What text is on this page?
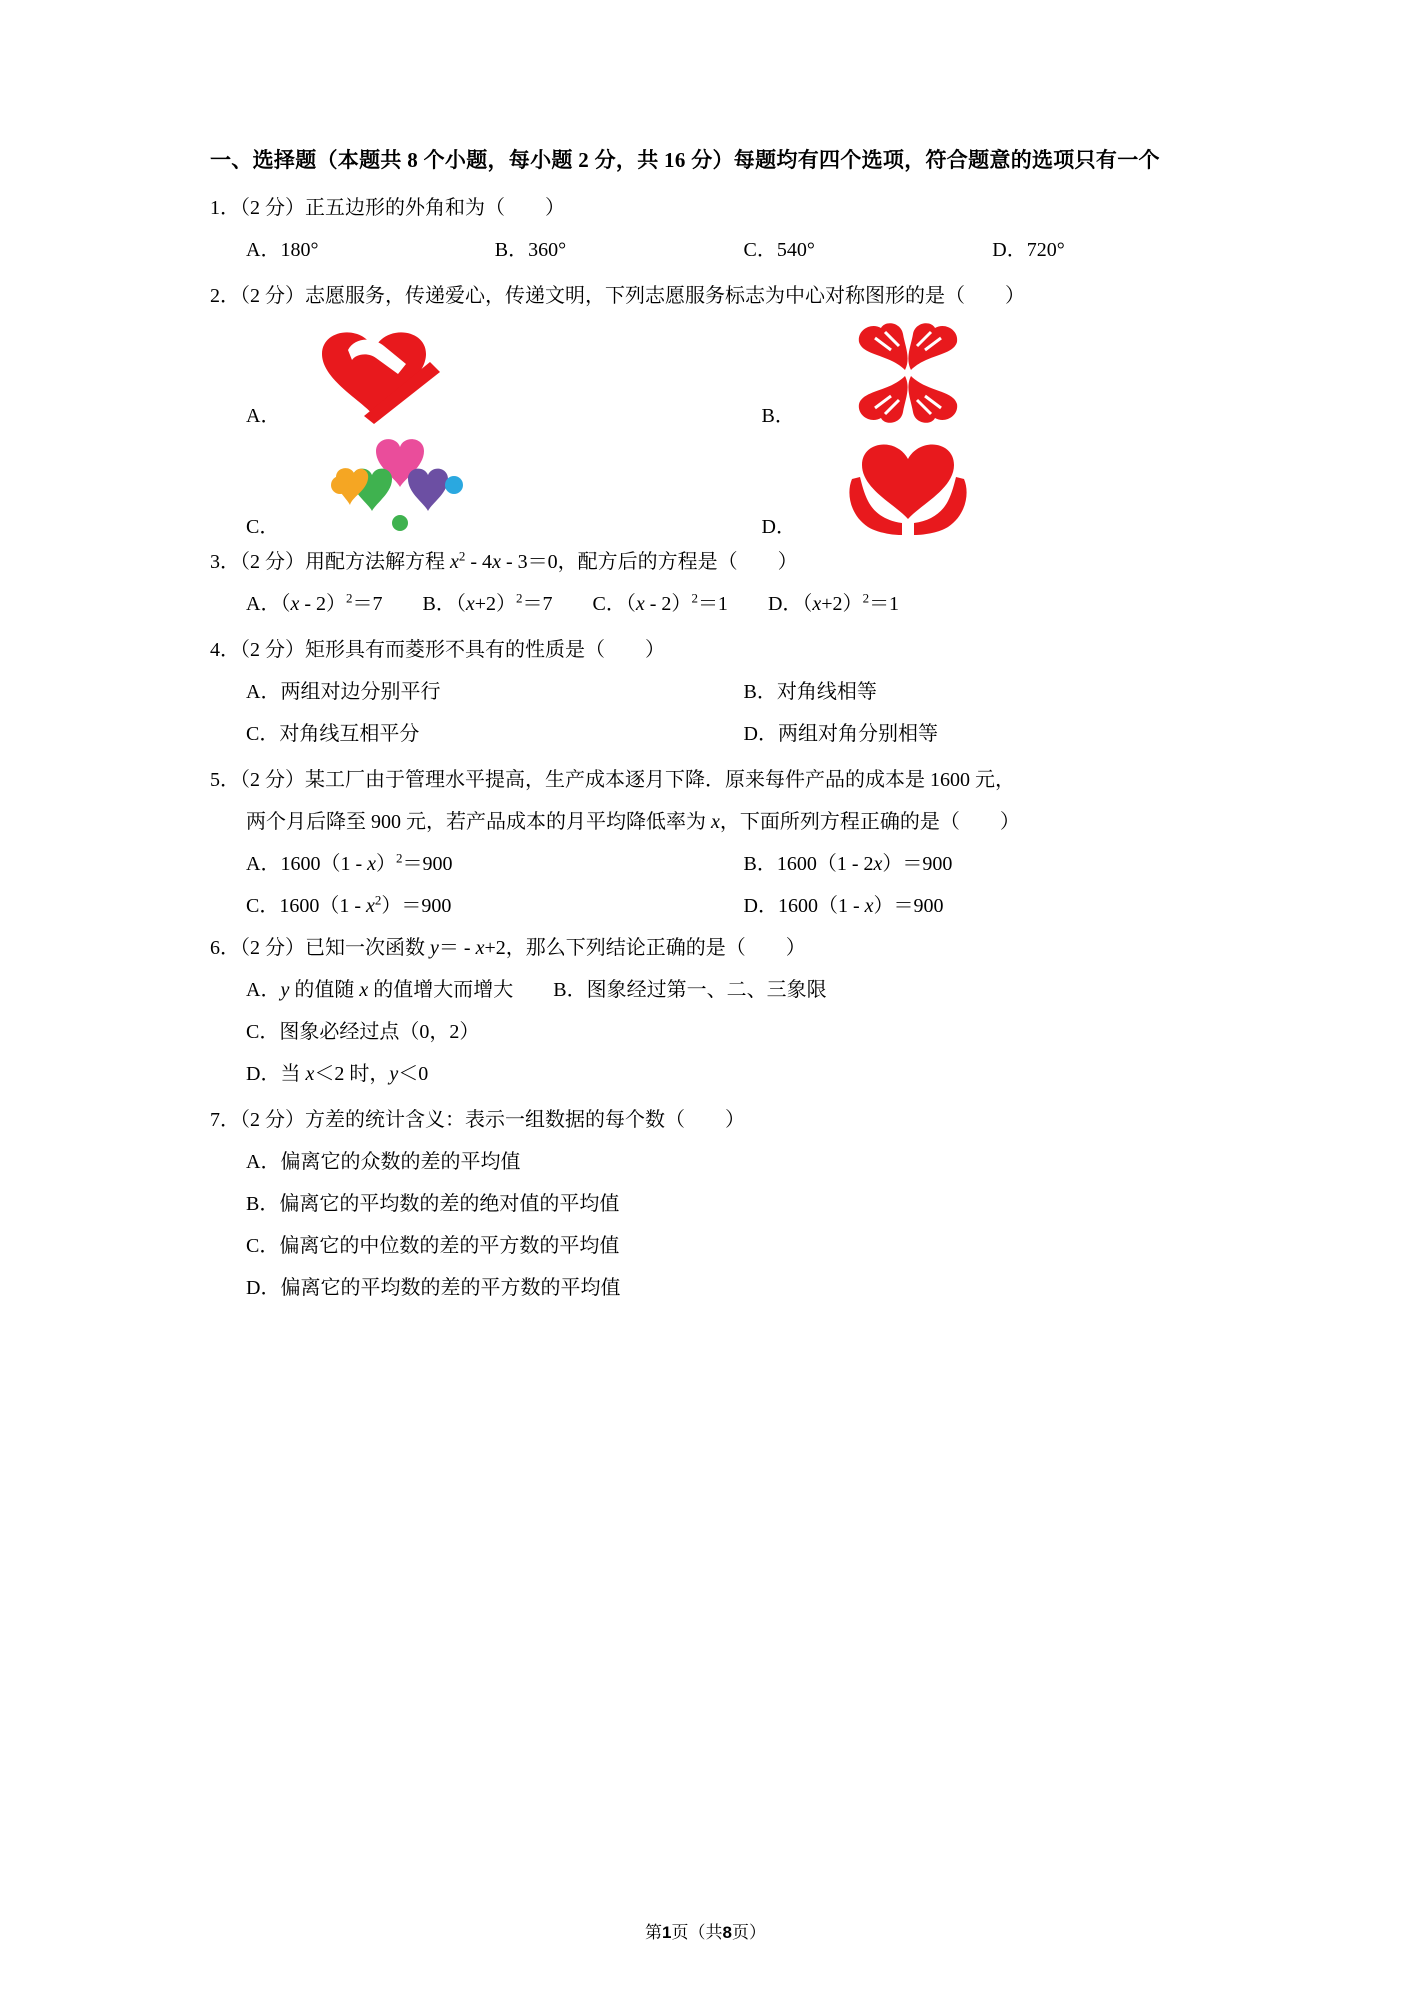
一、选择题（本题共 8 个小题，每小题 2 分，共 16 分）每题均有四个选项，符合题意的选项只有一个
1．（2 分）正五边形的外角和为（　　）
A．180°	B．360°	C．540°	D．720°
2．（2 分）志愿服务，传递爱心，传递文明，下列志愿服务标志为中心对称图形的是（　　）
A．	B．
C．	D．
3．（2 分）用配方法解方程 $x^2 - 4x - 3=0$，配方后的方程是（　　）
A．（x - 2）$^2$＝7 B．$(x+2)^2=7$ C．（x - 2）$^2$＝1 D．$(x+2)^2=1$
4．（2 分）矩形具有而菱形不具有的性质是（　　）
A．两组对边分别平行	B．对角线相等
C．对角线互相平分	D．两组对角分别相等
5．（2 分）某工厂由于管理水平提高，生产成本逐月下降．原来每件产品的成本是 1600 元，
两个月后降至 900 元，若产品成本的月平均降低率为 x，下面所列方程正确的是（　　）
A．1600（1 - x）$^2$＝900	B．1600（1 - 2x）＝900
C．$1600(1 - x^2)=900$	D．1600（1 - x）＝900
6．（2 分）已知一次函数 y＝ - x+2，那么下列结论正确的是（　　）
A．y 的值随 x 的值增大而增大 B．图象经过第一、二、三象限
C．图象必经过点（0，2）
D．当 x＜2 时，y＜0
7．（2 分）方差的统计含义：表示一组数据的每个数（　　）
A．偏离它的众数的差的平均值
B．偏离它的平均数的差的绝对值的平均值
C．偏离它的中位数的差的平方数的平均值
D．偏离它的平均数的差的平方数的平均值
第1页（共8页）
